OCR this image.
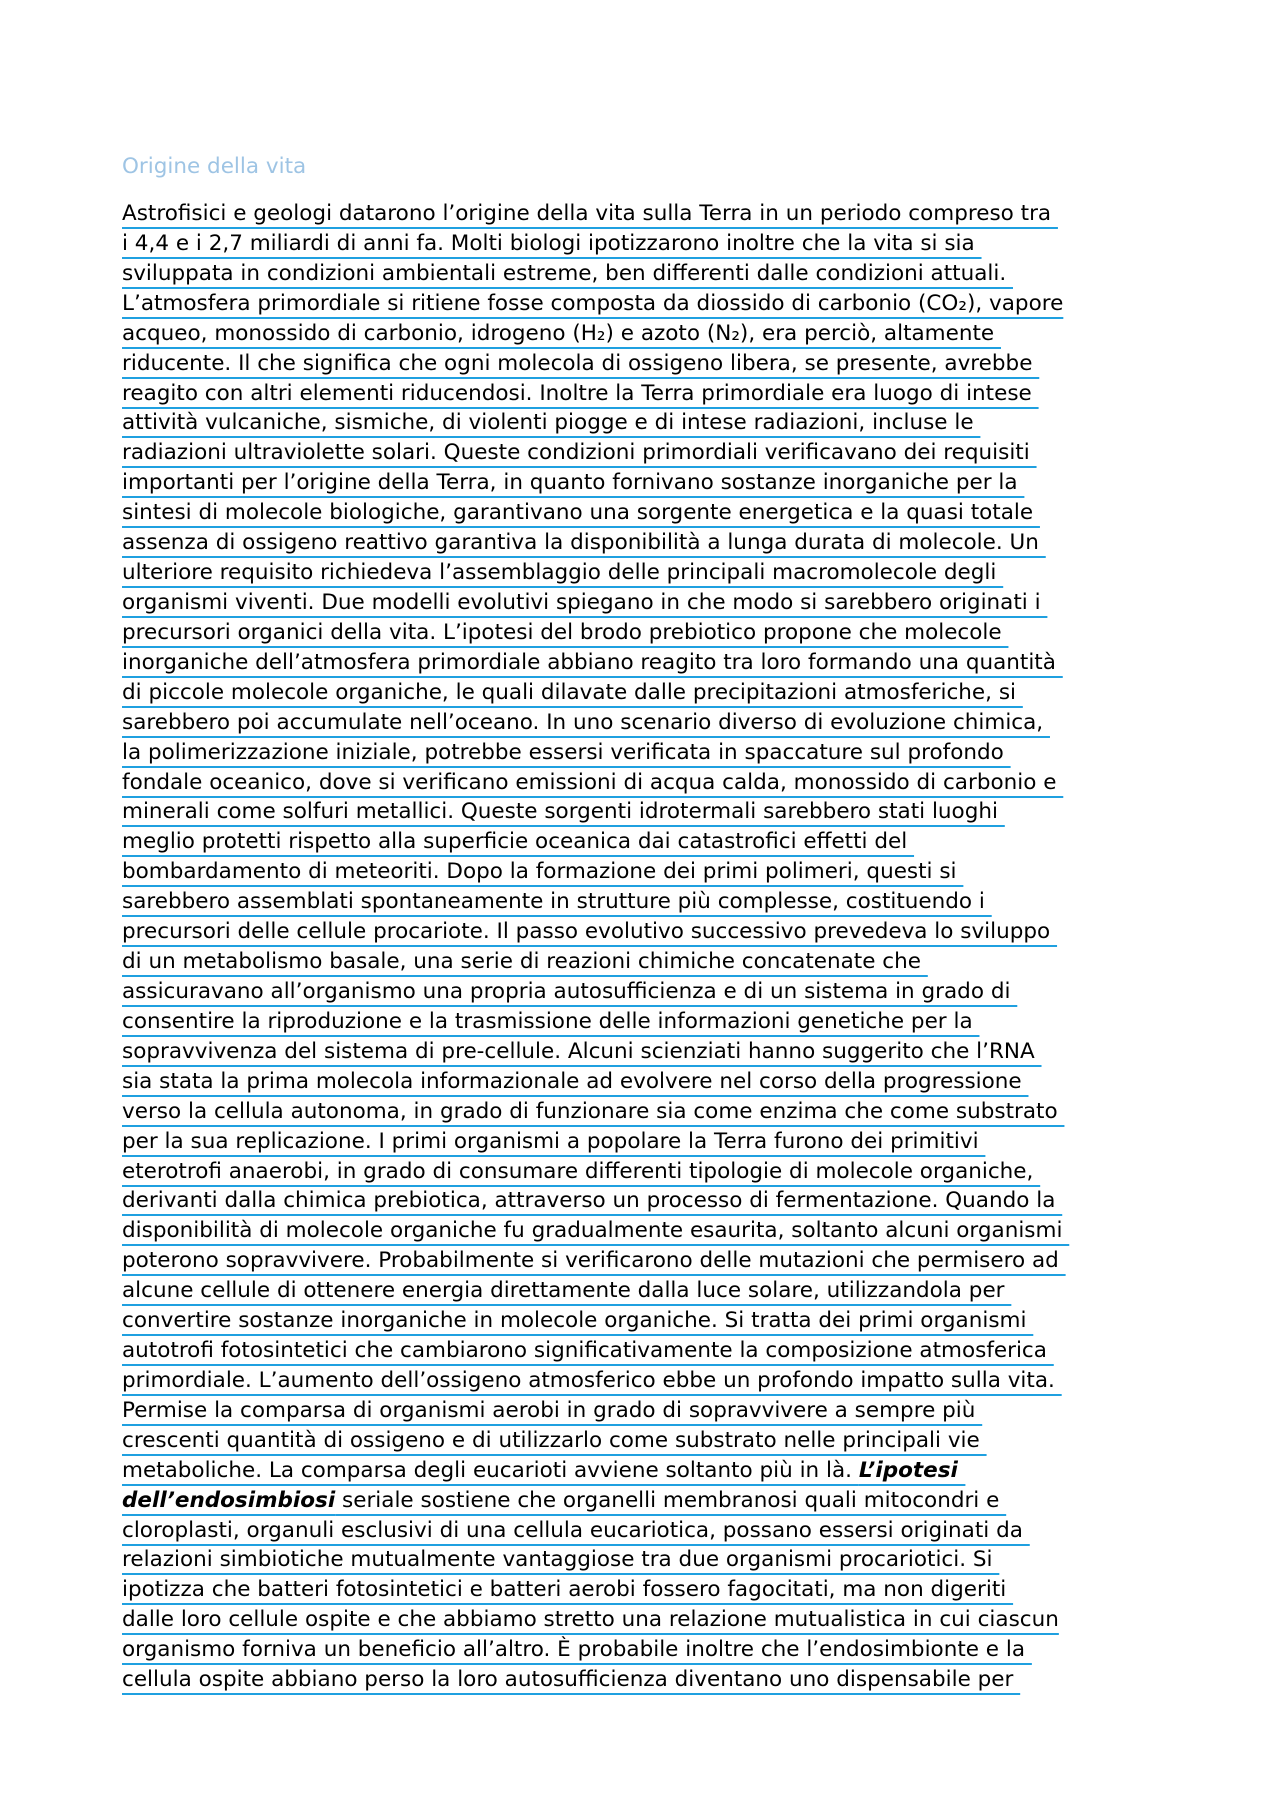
Origine della vita
Astrofisici e geologi datarono l’origine della vita sulla Terra in un periodo compreso tra
i 4,4 e i 2,7 miliardi di anni fa. Molti biologi ipotizzarono inoltre che la vita si sia
sviluppata in condizioni ambientali estreme, ben differenti dalle condizioni attuali.
L’atmosfera primordiale si ritiene fosse composta da diossido di carbonio (CO₂), vapore
acqueo, monossido di carbonio, idrogeno (H₂) e azoto (N₂), era perciò, altamente
riducente. Il che significa che ogni molecola di ossigeno libera, se presente, avrebbe
reagito con altri elementi riducendosi. Inoltre la Terra primordiale era luogo di intese
attività vulcaniche, sismiche, di violenti piogge e di intese radiazioni, incluse le
radiazioni ultraviolette solari. Queste condizioni primordiali verificavano dei requisiti
importanti per l’origine della Terra, in quanto fornivano sostanze inorganiche per la
sintesi di molecole biologiche, garantivano una sorgente energetica e la quasi totale
assenza di ossigeno reattivo garantiva la disponibilità a lunga durata di molecole. Un
ulteriore requisito richiedeva l’assemblaggio delle principali macromolecole degli
organismi viventi. Due modelli evolutivi spiegano in che modo si sarebbero originati i
precursori organici della vita. L’ipotesi del brodo prebiotico propone che molecole
inorganiche dell’atmosfera primordiale abbiano reagito tra loro formando una quantità
di piccole molecole organiche, le quali dilavate dalle precipitazioni atmosferiche, si
sarebbero poi accumulate nell’oceano. In uno scenario diverso di evoluzione chimica,
la polimerizzazione iniziale, potrebbe essersi verificata in spaccature sul profondo
fondale oceanico, dove si verificano emissioni di acqua calda, monossido di carbonio e
minerali come solfuri metallici. Queste sorgenti idrotermali sarebbero stati luoghi
meglio protetti rispetto alla superficie oceanica dai catastrofici effetti del
bombardamento di meteoriti. Dopo la formazione dei primi polimeri, questi si
sarebbero assemblati spontaneamente in strutture più complesse, costituendo i
precursori delle cellule procariote. Il passo evolutivo successivo prevedeva lo sviluppo
di un metabolismo basale, una serie di reazioni chimiche concatenate che
assicuravano all’organismo una propria autosufficienza e di un sistema in grado di
consentire la riproduzione e la trasmissione delle informazioni genetiche per la
sopravvivenza del sistema di pre-cellule. Alcuni scienziati hanno suggerito che l’RNA
sia stata la prima molecola informazionale ad evolvere nel corso della progressione
verso la cellula autonoma, in grado di funzionare sia come enzima che come substrato
per la sua replicazione. I primi organismi a popolare la Terra furono dei primitivi
eterotrofi anaerobi, in grado di consumare differenti tipologie di molecole organiche,
derivanti dalla chimica prebiotica, attraverso un processo di fermentazione. Quando la
disponibilità di molecole organiche fu gradualmente esaurita, soltanto alcuni organismi
poterono sopravvivere. Probabilmente si verificarono delle mutazioni che permisero ad
alcune cellule di ottenere energia direttamente dalla luce solare, utilizzandola per
convertire sostanze inorganiche in molecole organiche. Si tratta dei primi organismi
autotrofi fotosintetici che cambiarono significativamente la composizione atmosferica
primordiale. L’aumento dell’ossigeno atmosferico ebbe un profondo impatto sulla vita.
Permise la comparsa di organismi aerobi in grado di sopravvivere a sempre più
crescenti quantità di ossigeno e di utilizzarlo come substrato nelle principali vie
metaboliche. La comparsa degli eucarioti avviene soltanto più in là. L’ipotesi
dell’endosimbiosi seriale sostiene che organelli membranosi quali mitocondri e
cloroplasti, organuli esclusivi di una cellula eucariotica, possano essersi originati da
relazioni simbiotiche mutualmente vantaggiose tra due organismi procariotici. Si
ipotizza che batteri fotosintetici e batteri aerobi fossero fagocitati, ma non digeriti
dalle loro cellule ospite e che abbiamo stretto una relazione mutualistica in cui ciascun
organismo forniva un beneficio all’altro. È probabile inoltre che l’endosimbionte e la
cellula ospite abbiano perso la loro autosufficienza diventano uno dispensabile per
